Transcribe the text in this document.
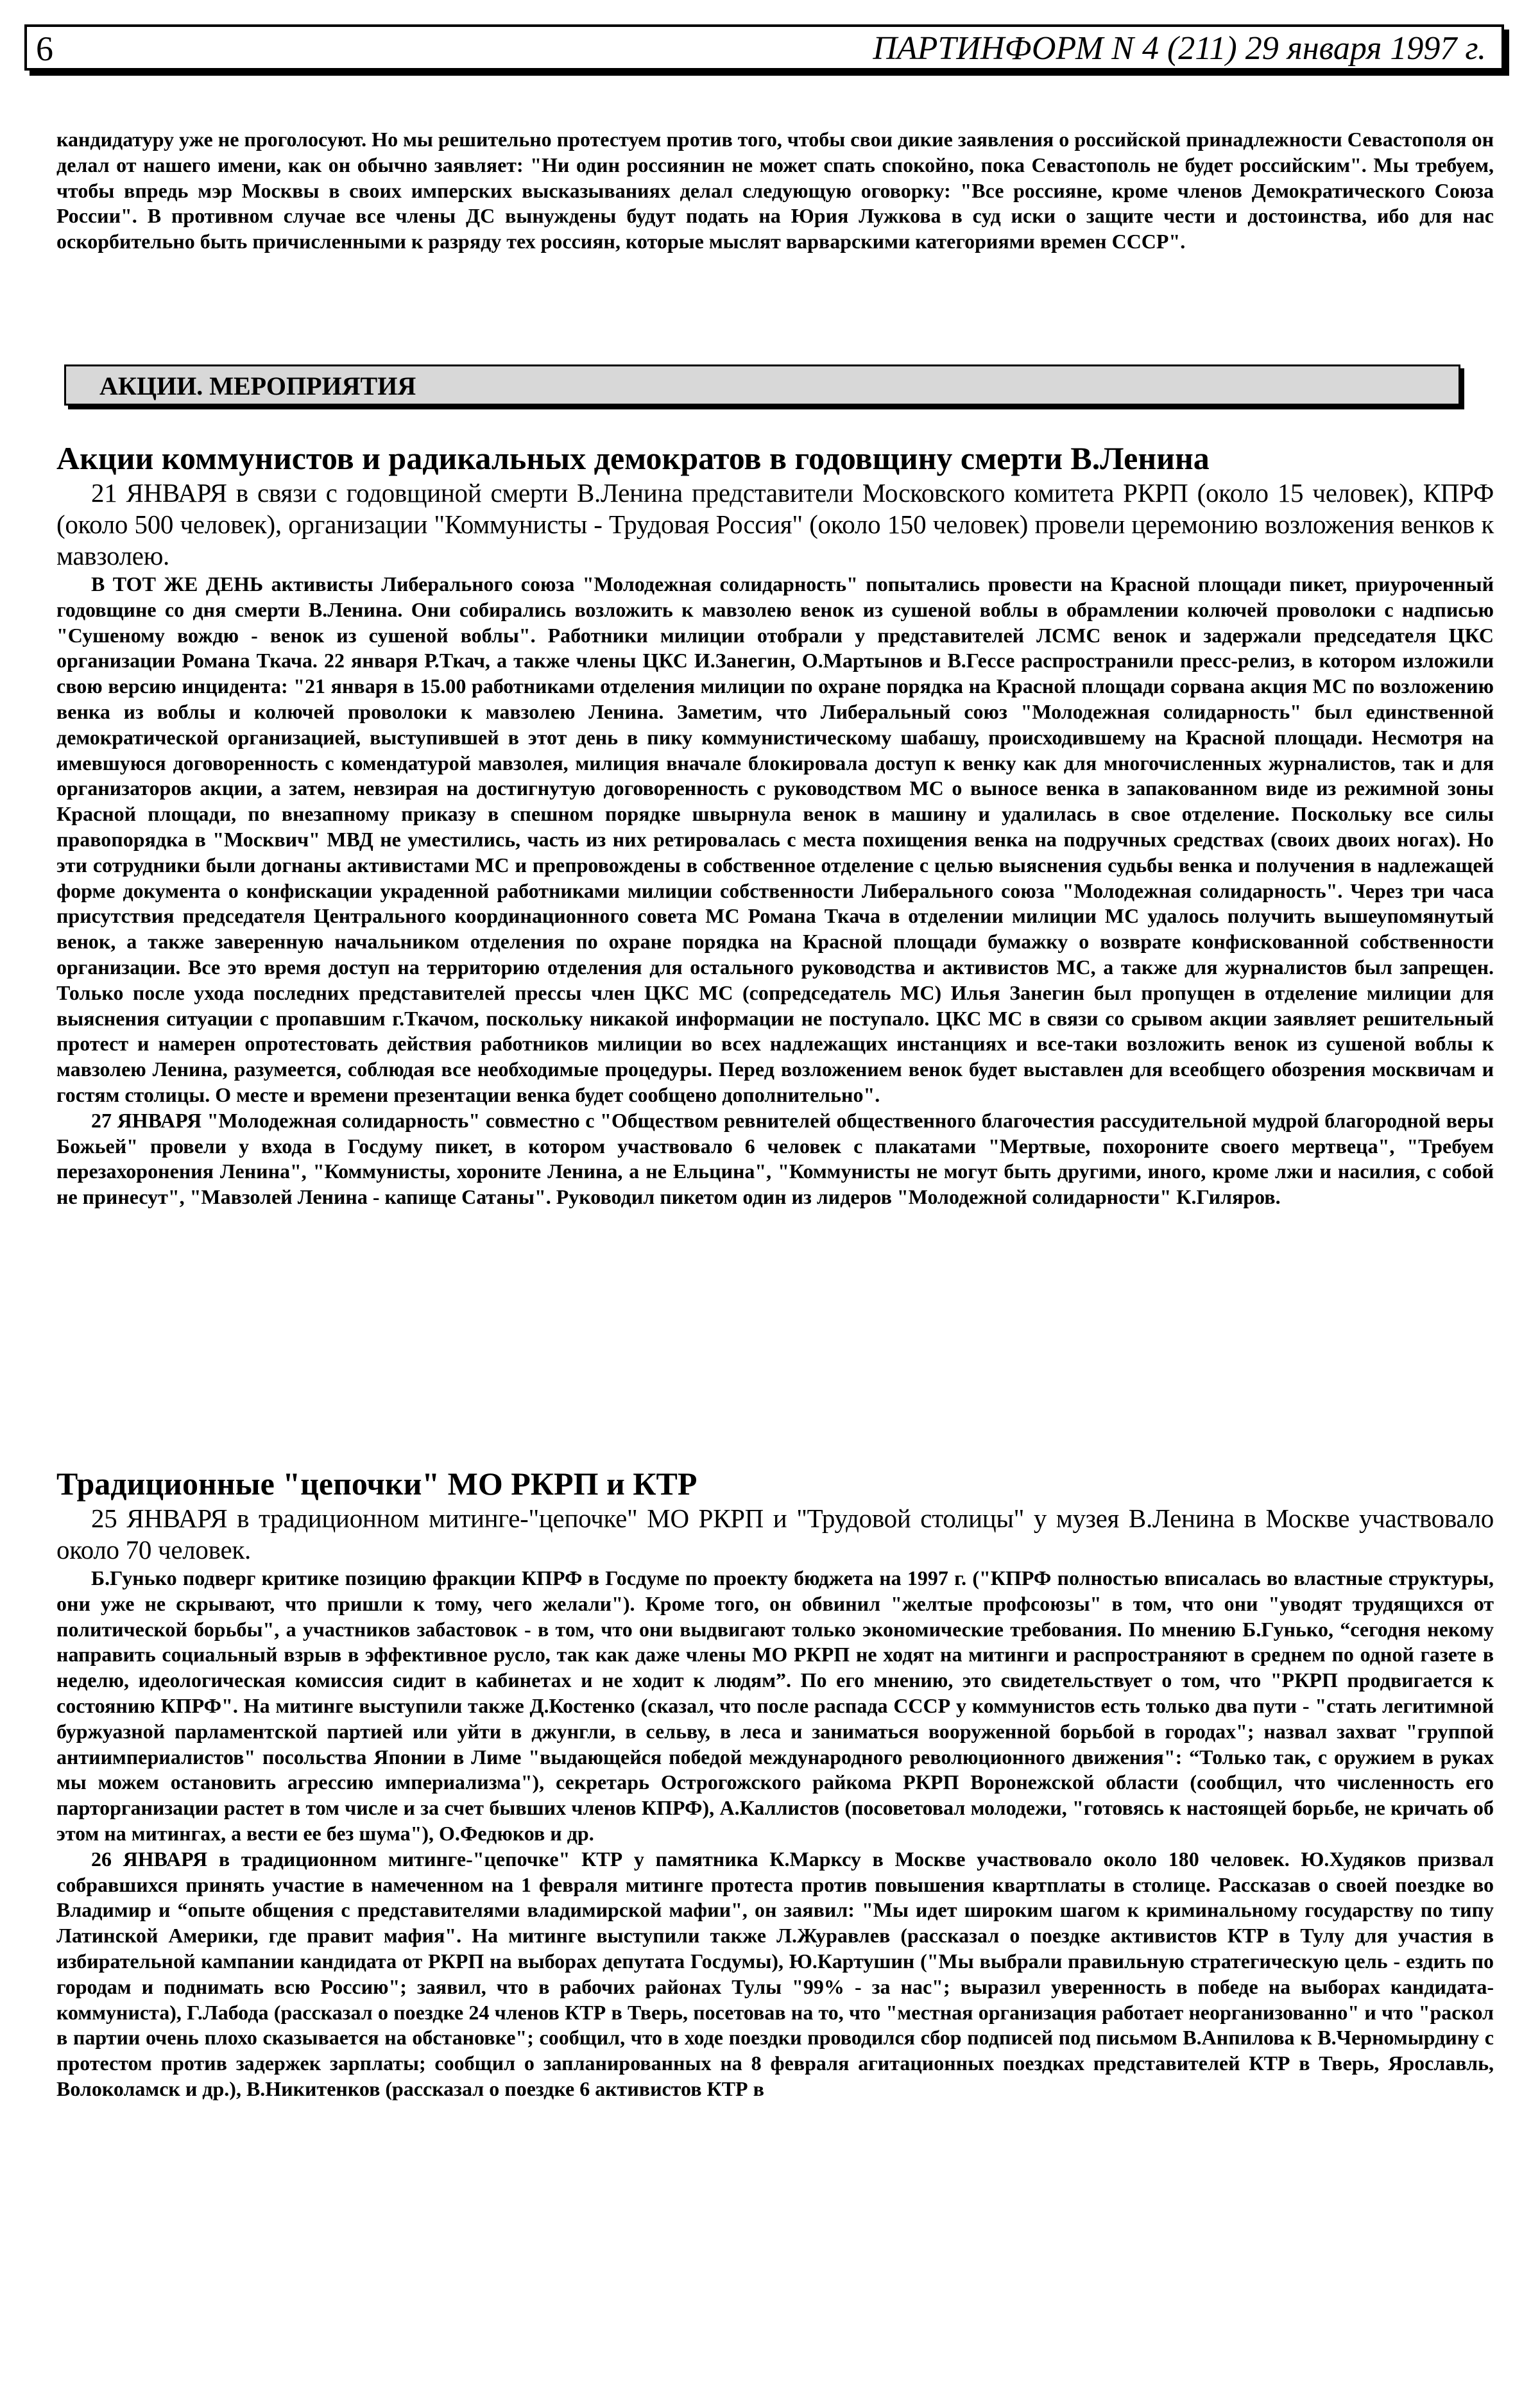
6	ПАРТИНФОРМ N 4 (211) 29 января 1997 г.

кандидатуру уже не проголосуют. Но мы решительно протестуем против того, чтобы свои дикие заявления о российской принадлежности Севастополя он делал от нашего имени, как он обычно заявляет: "Ни один россиянин не может спать спокойно, пока Севастополь не будет российским". Мы требуем, чтобы впредь мэр Москвы в своих имперских высказываниях делал следующую оговорку: "Все россияне, кроме членов Демократического Союза России". В противном случае все члены ДС вынуждены будут подать на Юрия Лужкова в суд иски о защите чести и достоинства, ибо для нас оскорбительно быть причисленными к разряду тех россиян, которые мыслят варварскими категориями времен СССР".

АКЦИИ. МЕРОПРИЯТИЯ
Акции коммунистов и радикальных демократов в годовщину смерти В.Ленина

21 ЯНВАРЯ в связи с годовщиной смерти В.Ленина представители Московского комитета РКРП (около 15 человек), КПРФ (около 500 человек), организации "Коммунисты - Трудовая Россия" (около 150 человек) провели церемонию возложения венков к мавзолею.

В ТОТ ЖЕ ДЕНЬ активисты Либерального союза "Молодежная солидарность" попытались провести на Красной площади пикет, приуроченный годовщине со дня смерти В.Ленина. Они собирались возложить к мавзолею венок из сушеной воблы в обрамлении колючей проволоки с надписью "Сушеному вождю - венок из сушеной воблы". Работники милиции отобрали у представителей ЛСМС венок и задержали председателя ЦКС организации Романа Ткача. 22 января Р.Ткач, а также члены ЦКС И.Занегин, О.Мартынов и В.Гессе распространили пресс-релиз, в котором изложили свою версию инцидента: "21 января в 15.00 работниками отделения милиции по охране порядка на Красной площади сорвана акция МС по возложению венка из воблы и колючей проволоки к мавзолею Ленина. Заметим, что Либеральный союз "Молодежная солидарность" был единственной демократической организацией, выступившей в этот день в пику коммунистическому шабашу, происходившему на Красной площади. Несмотря на имевшуюся договоренность с комендатурой мавзолея, милиция вначале блокировала доступ к венку как для многочисленных журналистов, так и для организаторов акции, а затем, невзирая на достигнутую договоренность с руководством МС о выносе венка в запакованном виде из режимной зоны Красной площади, по внезапному приказу в спешном порядке швырнула венок в машину и удалилась в свое отделение. Поскольку все силы правопорядка в "Москвич" МВД не уместились, часть из них ретировалась с места похищения венка на подручных средствах (своих двоих ногах). Но эти сотрудники были догнаны активистами МС и препровождены в собственное отделение с целью выяснения судьбы венка и получения в надлежащей форме документа о конфискации украденной работниками милиции собственности Либерального союза "Молодежная солидарность". Через три часа присутствия председателя Центрального координационного совета МС Романа Ткача в отделении милиции МС удалось получить вышеупомянутый венок, а также заверенную начальником отделения по охране порядка на Красной площади бумажку о возврате конфискованной собственности организации. Все это время доступ на территорию отделения для остального руководства и активистов МС, а также для журналистов был запрещен. Только после ухода последних представителей прессы член ЦКС МС (сопредседатель МС) Илья Занегин был пропущен в отделение милиции для выяснения ситуации с пропавшим г.Ткачом, поскольку никакой информации не поступало. ЦКС МС в связи со срывом акции заявляет решительный протест и намерен опротестовать действия работников милиции во всех надлежащих инстанциях и все-таки возложить венок из сушеной воблы к мавзолею Ленина, разумеется, соблюдая все необходимые процедуры. Перед возложением венок будет выставлен для всеобщего обозрения москвичам и гостям столицы. О месте и времени презентации венка будет сообщено дополнительно".

27 ЯНВАРЯ "Молодежная солидарность" совместно с "Обществом ревнителей общественного благочестия рассудительной мудрой благородной веры Божьей" провели у входа в Госдуму пикет, в котором участвовало 6 человек с плакатами "Мертвые, похороните своего мертвеца", "Требуем перезахоронения Ленина", "Коммунисты, хороните Ленина, а не Ельцина", "Коммунисты не могут быть другими, иного, кроме лжи и насилия, с собой не принесут", "Мавзолей Ленина - капище Сатаны". Руководил пикетом один из лидеров "Молодежной солидарности" К.Гиляров.

Традиционные "цепочки" МО РКРП и КТР

25 ЯНВАРЯ в традиционном митинге-"цепочке" МО РКРП и "Трудовой столицы" у музея В.Ленина в Москве участвовало около 70 человек.

Б.Гунько подверг критике позицию фракции КПРФ в Госдуме по проекту бюджета на 1997 г. ("КПРФ полностью вписалась во властные структуры, они уже не скрывают, что пришли к тому, чего желали"). Кроме того, он обвинил "желтые профсоюзы" в том, что они "уводят трудящихся от политической борьбы", а участников забастовок - в том, что они выдвигают только экономические требования. По мнению Б.Гунько, “сегодня некому направить социальный взрыв в эффективное русло, так как даже члены МО РКРП не ходят на митинги и распространяют в среднем по одной газете в неделю, идеологическая комиссия сидит в кабинетах и не ходит к людям”. По его мнению, это свидетельствует о том, что "РКРП продвигается к состоянию КПРФ". На митинге выступили также Д.Костенко (сказал, что после распада СССР у коммунистов есть только два пути - "стать легитимной буржуазной парламентской партией или уйти в джунгли, в сельву, в леса и заниматься вооруженной борьбой в городах"; назвал захват "группой антиимпериалистов" посольства Японии в Лиме "выдающейся победой международного революционного движения": “Только так, с оружием в руках мы можем остановить агрессию империализма"), секретарь Острогожского райкома РКРП Воронежской области (сообщил, что численность его парторганизации растет в том числе и за счет бывших членов КПРФ), А.Каллистов (посоветовал молодежи, "готовясь к настоящей борьбе, не кричать об этом на митингах, а вести ее без шума"), О.Федюков и др.

26 ЯНВАРЯ в традиционном митинге-"цепочке" КТР у памятника К.Марксу в Москве участвовало около 180 человек. Ю.Худяков призвал собравшихся принять участие в намеченном на 1 февраля митинге протеста против повышения квартплаты в столице. Рассказав о своей поездке во Владимир и “опыте общения с представителями владимирской мафии", он заявил: "Мы идет широким шагом к криминальному государству по типу Латинской Америки, где правит мафия". На митинге выступили также Л.Журавлев (рассказал о поездке активистов КТР в Тулу для участия в избирательной кампании кандидата от РКРП на выборах депутата Госдумы), Ю.Картушин ("Мы выбрали правильную стратегическую цель - ездить по городам и поднимать всю Россию"; заявил, что в рабочих районах Тулы "99% - за нас"; выразил уверенность в победе на выборах кандидата-коммуниста), Г.Лабода (рассказал о поездке 24 членов КТР в Тверь, посетовав на то, что "местная организация работает неорганизованно" и что "раскол в партии очень плохо сказывается на обстановке"; сообщил, что в ходе поездки проводился сбор подписей под письмом В.Анпилова к В.Черномырдину с протестом против задержек зарплаты; сообщил о запланированных на 8 февраля агитационных поездках представителей КТР в Тверь, Ярославль, Волоколамск и др.), В.Никитенков (рассказал о поездке 6 активистов КТР в
